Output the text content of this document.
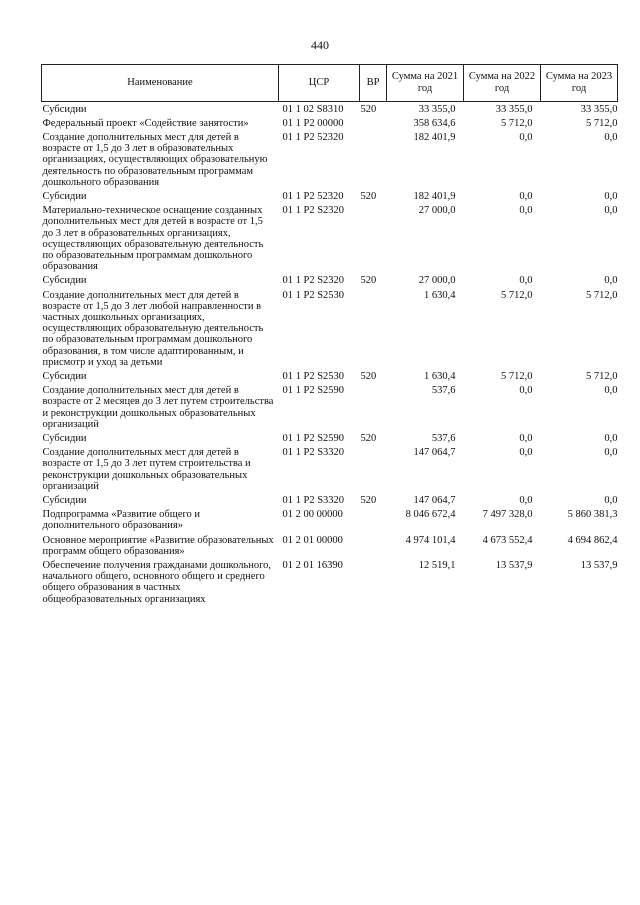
440
Наименование	ЦСР	ВР	Сумма на 2021 год	Сумма на 2022 год	Сумма на 2023 год
Субсидии	01 1 02 S8310	520	33 355,0	33 355,0	33 355,0
Федеральный проект «Содействие занятости»	01 1 P2 00000		358 634,6	5 712,0	5 712,0
Создание дополнительных мест для детей в возрасте от 1,5 до 3 лет в образовательных организациях, осуществляющих образовательную деятельность по образовательным программам дошкольного образования	01 1 P2 52320		182 401,9	0,0	0,0
Субсидии	01 1 P2 52320	520	182 401,9	0,0	0,0
Материально-техническое оснащение созданных дополнительных мест для детей в возрасте от 1,5 до 3 лет в образовательных организациях, осуществляющих образовательную деятельность по образовательным программам дошкольного образования	01 1 P2 S2320		27 000,0	0,0	0,0
Субсидии	01 1 P2 S2320	520	27 000,0	0,0	0,0
Создание дополнительных мест для детей в возрасте от 1,5 до 3 лет любой направленности в частных дошкольных организациях, осуществляющих образовательную деятельность по образовательным программам дошкольного образования, в том числе адаптированным, и присмотр и уход за детьми	01 1 P2 S2530		1 630,4	5 712,0	5 712,0
Субсидии	01 1 P2 S2530	520	1 630,4	5 712,0	5 712,0
Создание дополнительных мест для детей в возрасте от 2 месяцев до 3 лет путем строительства и реконструкции дошкольных образовательных организаций	01 1 P2 S2590		537,6	0,0	0,0
Субсидии	01 1 P2 S2590	520	537,6	0,0	0,0
Создание дополнительных мест для детей в возрасте от 1,5 до 3 лет путем строительства и реконструкции дошкольных образовательных организаций	01 1 P2 S3320		147 064,7	0,0	0,0
Субсидии	01 1 P2 S3320	520	147 064,7	0,0	0,0
Подпрограмма «Развитие общего и дополнительного образования»	01 2 00 00000		8 046 672,4	7 497 328,0	5 860 381,3
Основное мероприятие «Развитие образовательных программ общего образования»	01 2 01 00000		4 974 101,4	4 673 552,4	4 694 862,4
Обеспечение получения гражданами дошкольного, начального общего, основного общего и среднего общего образования в частных общеобразовательных организациях	01 2 01 16390		12 519,1	13 537,9	13 537,9
